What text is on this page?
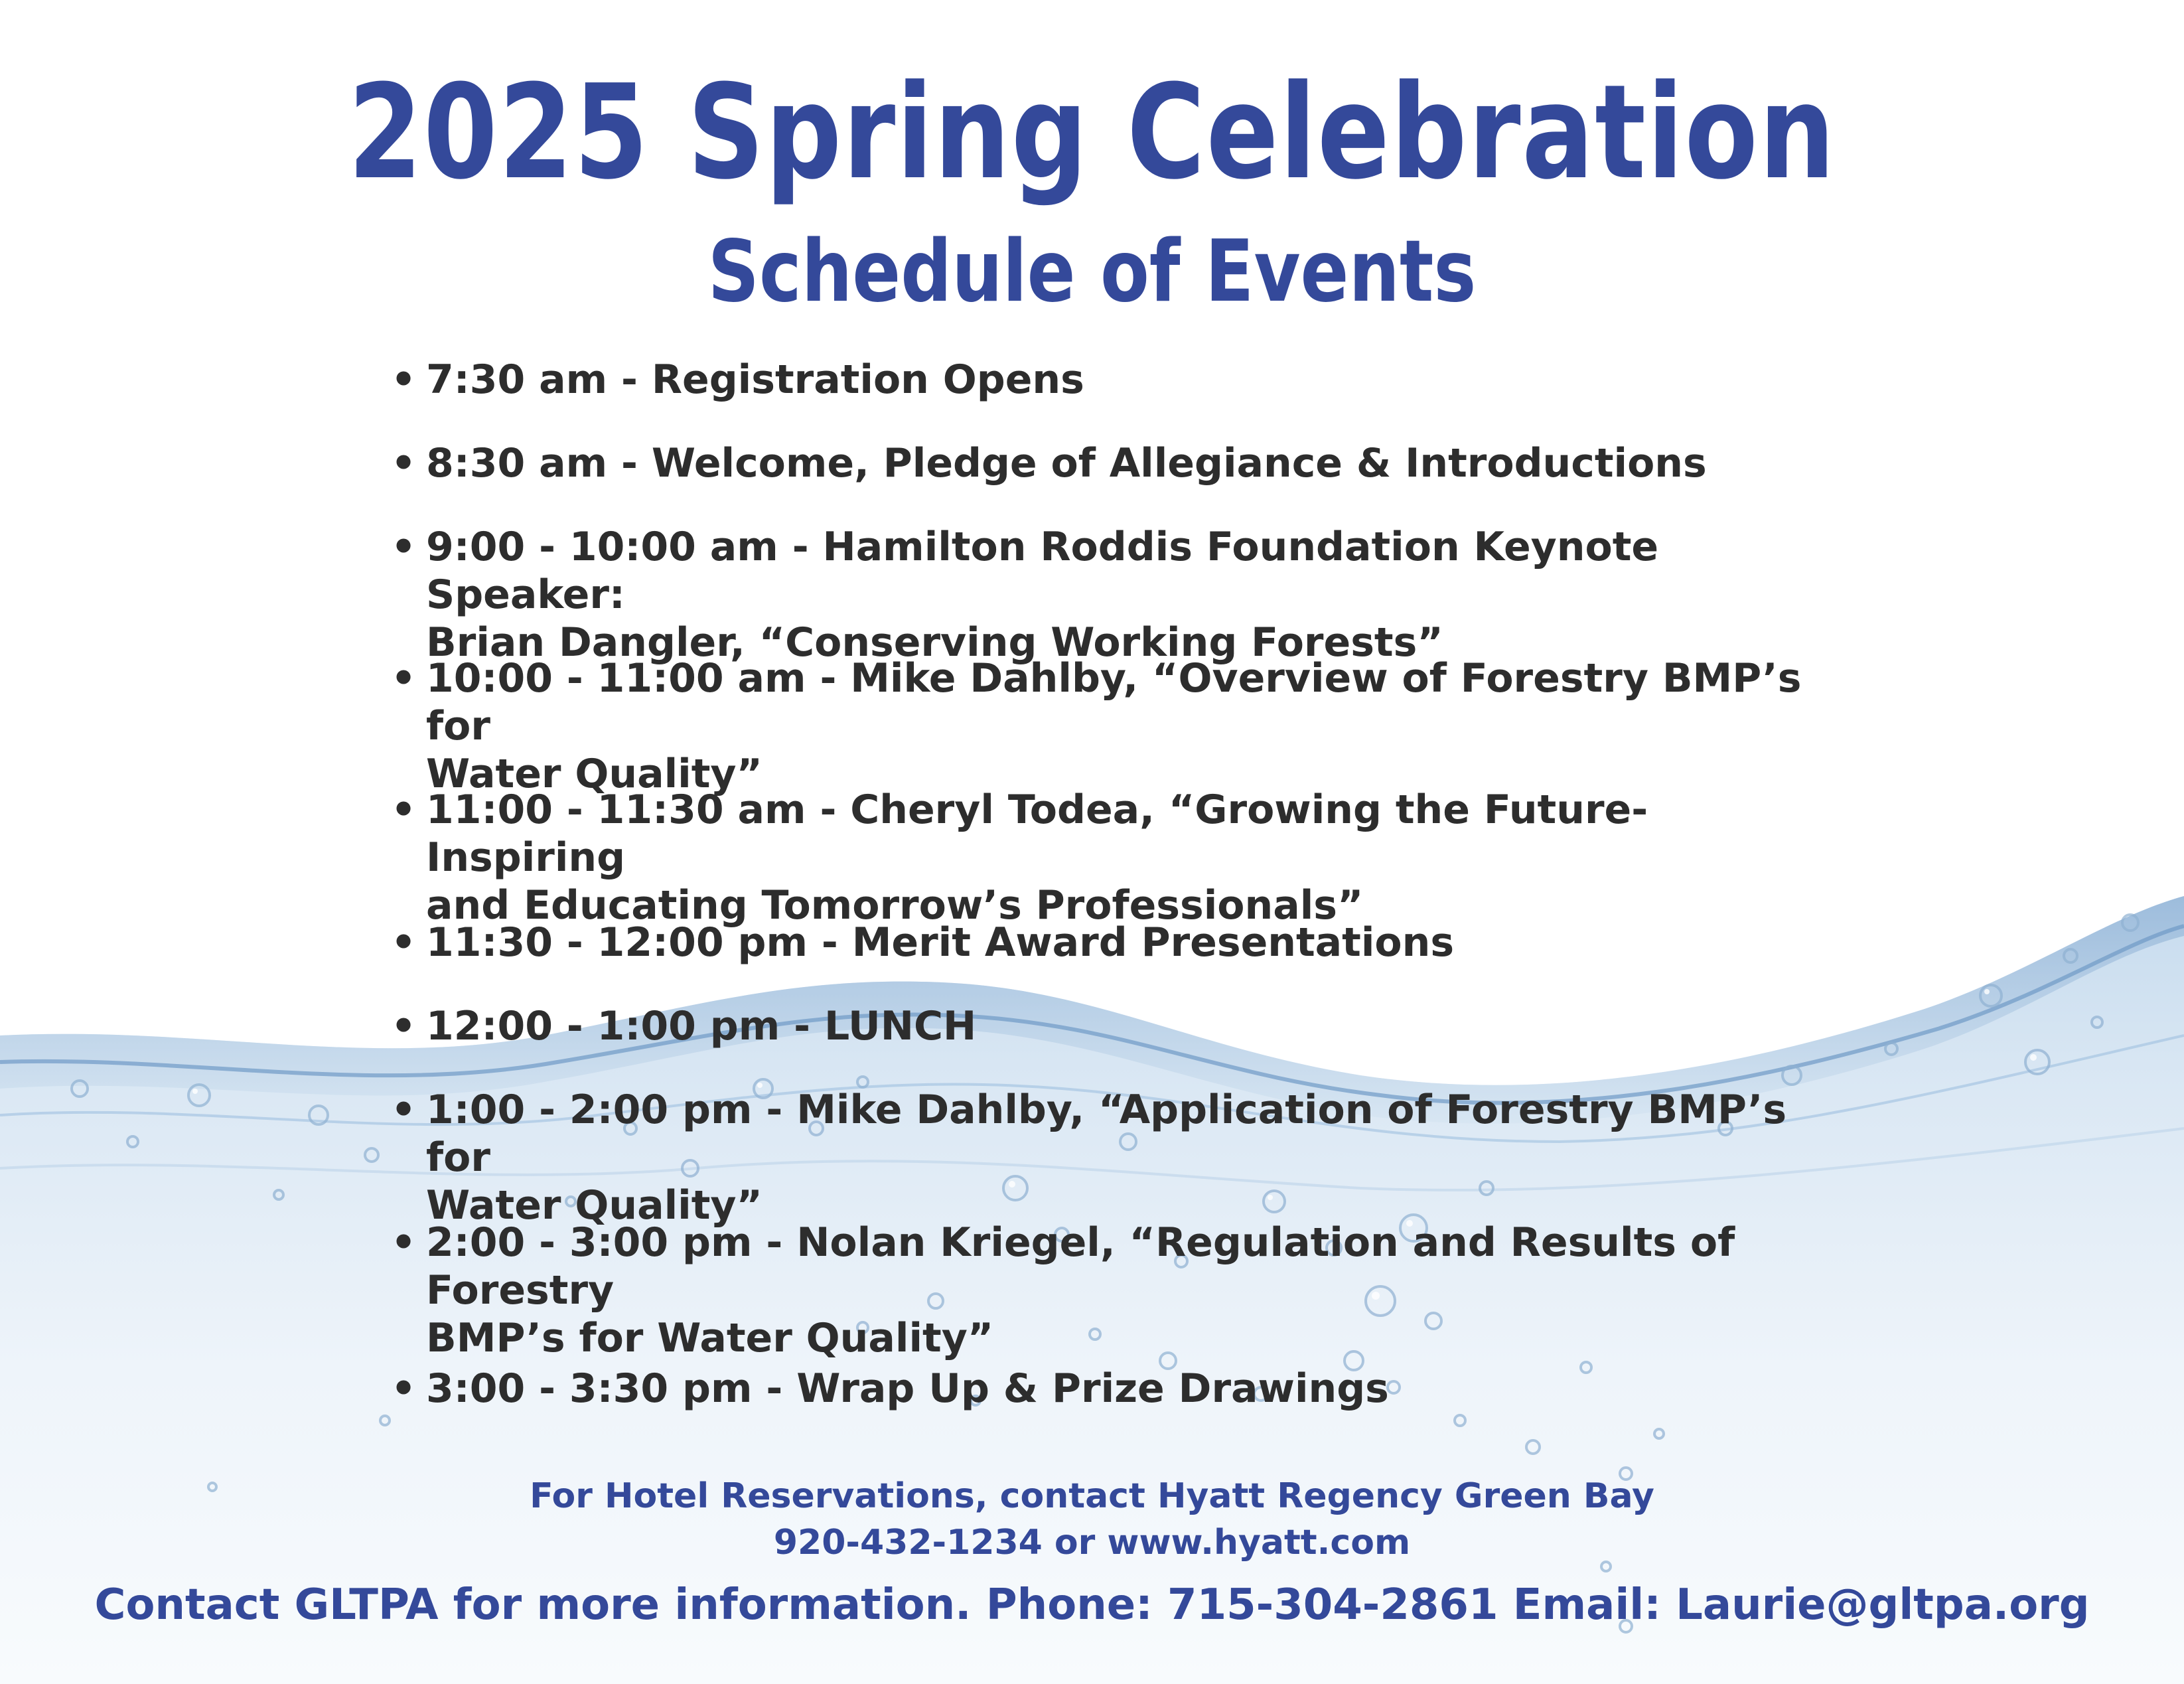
2025 Spring Celebration
Schedule of Events
• 7:30 am - Registration Opens
• 8:30 am - Welcome, Pledge of Allegiance & Introductions
• 9:00 - 10:00 am - Hamilton Roddis Foundation Keynote Speaker:
Brian Dangler, “Conserving Working Forests”
• 10:00 - 11:00 am - Mike Dahlby, “Overview of Forestry BMP’s for
Water Quality”
• 11:00 - 11:30 am - Cheryl Todea, “Growing the Future- Inspiring
and Educating Tomorrow’s Professionals”
• 11:30 - 12:00 pm - Merit Award Presentations
• 12:00 - 1:00 pm - LUNCH
• 1:00 - 2:00 pm - Mike Dahlby, “Application of Forestry BMP’s for
Water Quality”
• 2:00 - 3:00 pm - Nolan Kriegel, “Regulation and Results of Forestry
BMP’s for Water Quality”
• 3:00 - 3:30 pm - Wrap Up & Prize Drawings

For Hotel Reservations, contact Hyatt Regency Green Bay

920-432-1234 or www.hyatt.com

Contact GLTPA for more information. Phone: 715-304-2861 Email: Laurie@gltpa.org
